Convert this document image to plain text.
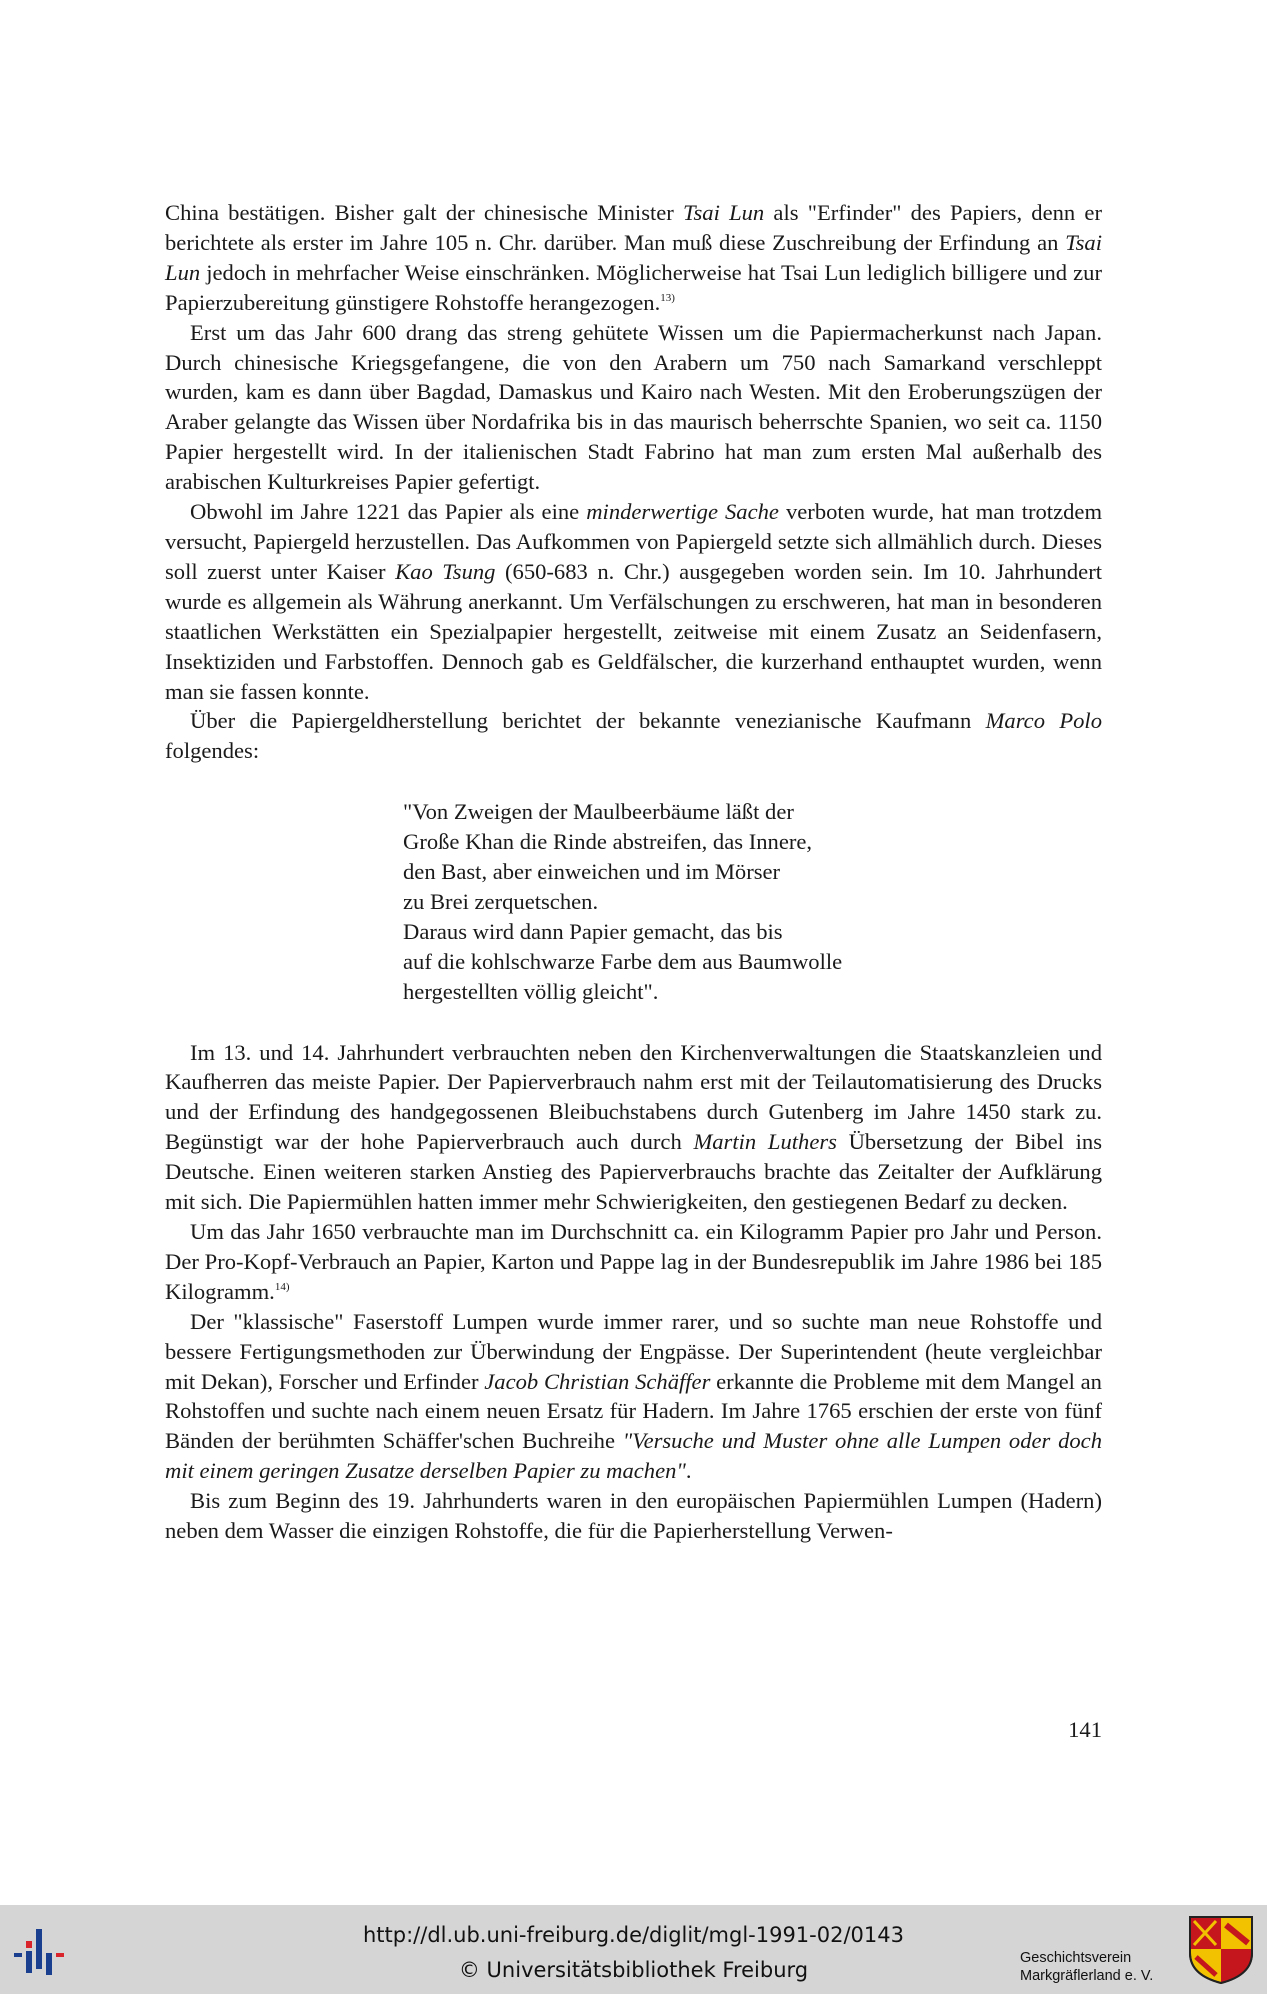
China bestätigen. Bisher galt der chinesische Minister Tsai Lun als "Erfinder" des Papiers, denn er berichtete als erster im Jahre 105 n. Chr. darüber. Man muß diese Zuschreibung der Erfindung an Tsai Lun jedoch in mehrfacher Weise einschränken. Möglicherweise hat Tsai Lun lediglich billigere und zur Papierzubereitung günstigere Rohstoffe herangezogen.$^{13)}$

Erst um das Jahr 600 drang das streng gehütete Wissen um die Papiermacherkunst nach Japan. Durch chinesische Kriegsgefangene, die von den Arabern um 750 nach Samarkand verschleppt wurden, kam es dann über Bagdad, Damaskus und Kairo nach Westen. Mit den Eroberungszügen der Araber gelangte das Wissen über Nordafrika bis in das maurisch beherrschte Spanien, wo seit ca. 1150 Papier hergestellt wird. In der italienischen Stadt Fabrino hat man zum ersten Mal außerhalb des arabischen Kulturkreises Papier gefertigt.

Obwohl im Jahre 1221 das Papier als eine minderwertige Sache verboten wurde, hat man trotzdem versucht, Papiergeld herzustellen. Das Aufkommen von Papiergeld setzte sich allmählich durch. Dieses soll zuerst unter Kaiser Kao Tsung (650-683 n. Chr.) ausgegeben worden sein. Im 10. Jahrhundert wurde es allgemein als Währung anerkannt. Um Verfälschungen zu erschweren, hat man in besonderen staatlichen Werkstätten ein Spezialpapier hergestellt, zeitweise mit einem Zusatz an Seidenfasern, Insektiziden und Farbstoffen. Dennoch gab es Geldfälscher, die kurzerhand enthauptet wurden, wenn man sie fassen konnte.

Über die Papiergeldherstellung berichtet der bekannte venezianische Kaufmann Marco Polo folgendes:

"Von Zweigen der Maulbeerbäume läßt der
Große Khan die Rinde abstreifen, das Innere,
den Bast, aber einweichen und im Mörser
zu Brei zerquetschen.
Daraus wird dann Papier gemacht, das bis
auf die kohlschwarze Farbe dem aus Baumwolle
hergestellten völlig gleicht".

Im 13. und 14. Jahrhundert verbrauchten neben den Kirchenverwaltungen die Staatskanzleien und Kaufherren das meiste Papier. Der Papierverbrauch nahm erst mit der Teilautomatisierung des Drucks und der Erfindung des handgegossenen Bleibuchstabens durch Gutenberg im Jahre 1450 stark zu. Begünstigt war der hohe Papierverbrauch auch durch Martin Luthers Übersetzung der Bibel ins Deutsche. Einen weiteren starken Anstieg des Papierverbrauchs brachte das Zeitalter der Aufklärung mit sich. Die Papiermühlen hatten immer mehr Schwierigkeiten, den gestiegenen Bedarf zu decken.

Um das Jahr 1650 verbrauchte man im Durchschnitt ca. ein Kilogramm Papier pro Jahr und Person. Der Pro-Kopf-Verbrauch an Papier, Karton und Pappe lag in der Bundesrepublik im Jahre 1986 bei 185 Kilogramm.$^{14)}$

Der "klassische" Faserstoff Lumpen wurde immer rarer, und so suchte man neue Rohstoffe und bessere Fertigungsmethoden zur Überwindung der Engpässe. Der Superintendent (heute vergleichbar mit Dekan), Forscher und Erfinder Jacob Christian Schäffer erkannte die Probleme mit dem Mangel an Rohstoffen und suchte nach einem neuen Ersatz für Hadern. Im Jahre 1765 erschien der erste von fünf Bänden der berühmten Schäffer'schen Buchreihe "Versuche und Muster ohne alle Lumpen oder doch mit einem geringen Zusatze derselben Papier zu machen".

Bis zum Beginn des 19. Jahrhunderts waren in den europäischen Papiermühlen Lumpen (Hadern) neben dem Wasser die einzigen Rohstoffe, die für die Papierherstellung Verwen-

141
http://dl.ub.uni-freiburg.de/diglit/mgl-1991-02/0143
© Universitätsbibliothek Freiburg	Geschichtsverein
Markgräflerland e. V.
